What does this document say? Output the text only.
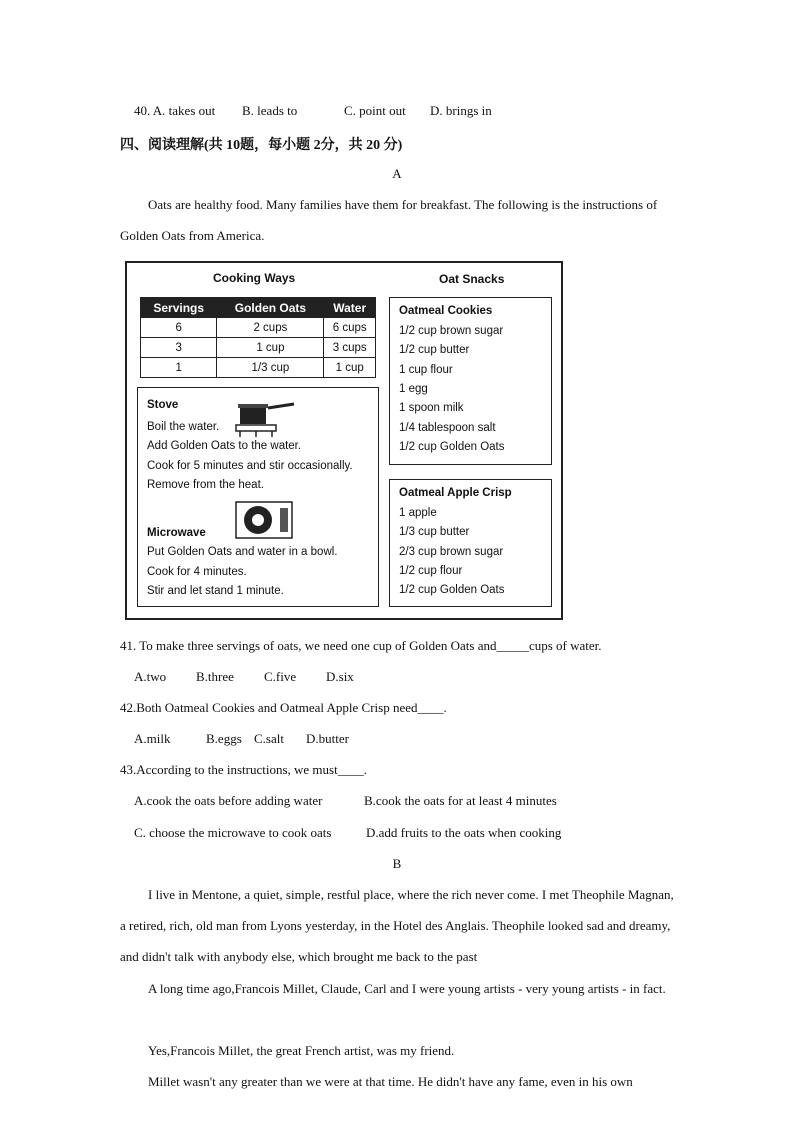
40. A. takes out B. leads to	C. point out D. brings in
四、阅读理解(共 10题，每小题 2分，共 20 分)
A
Oats are healthy food. Many families have them for breakfast. The following is the instructions of Golden Oats from America.
Cooking Ways	Oat Snacks
Servings	Golden Oats	Water
6	2 cups	6 cups
3	1 cup	3 cups
1	1/3 cup	1 cup
Stove
Boil the water.
Add Golden Oats to the water.
Cook for 5 minutes and stir occasionally.
Remove from the heat.
Microwave
Put Golden Oats and water in a bowl.
Cook for 4 minutes.
Stir and let stand 1 minute.
Oatmeal Cookies
1/2 cup brown sugar
1/2 cup butter
1 cup flour
1 egg
1 spoon milk
1/4 tablespoon salt
1/2 cup Golden Oats
Oatmeal Apple Crisp
1 apple
1/3 cup butter
2/3 cup brown sugar
1/2 cup flour
1/2 cup Golden Oats
41. To make three servings of oats, we need one cup of Golden Oats and_____cups of water.
A.two B.three C.five D.six
42.Both Oatmeal Cookies and Oatmeal Apple Crisp need____.
A.milk	B.eggs C.salt D.butter
43.According to the instructions, we must____.
A.cook the oats before adding water	B.cook the oats for at least 4 minutes
C. choose the microwave to cook oats	D.add fruits to the oats when cooking
B
I live in Mentone, a quiet, simple, restful place, where the rich never come. I met Theophile Magnan, a retired, rich, old man from Lyons yesterday, in the Hotel des Anglais. Theophile looked sad and dreamy, and didn't talk with anybody else, which brought me back to the past
A long time ago,Francois Millet, Claude, Carl and I were young artists - very young artists - in fact.
Yes,Francois Millet, the great French artist, was my friend.
Millet wasn't any greater than we were at that time. He didn't have any fame, even in his own
